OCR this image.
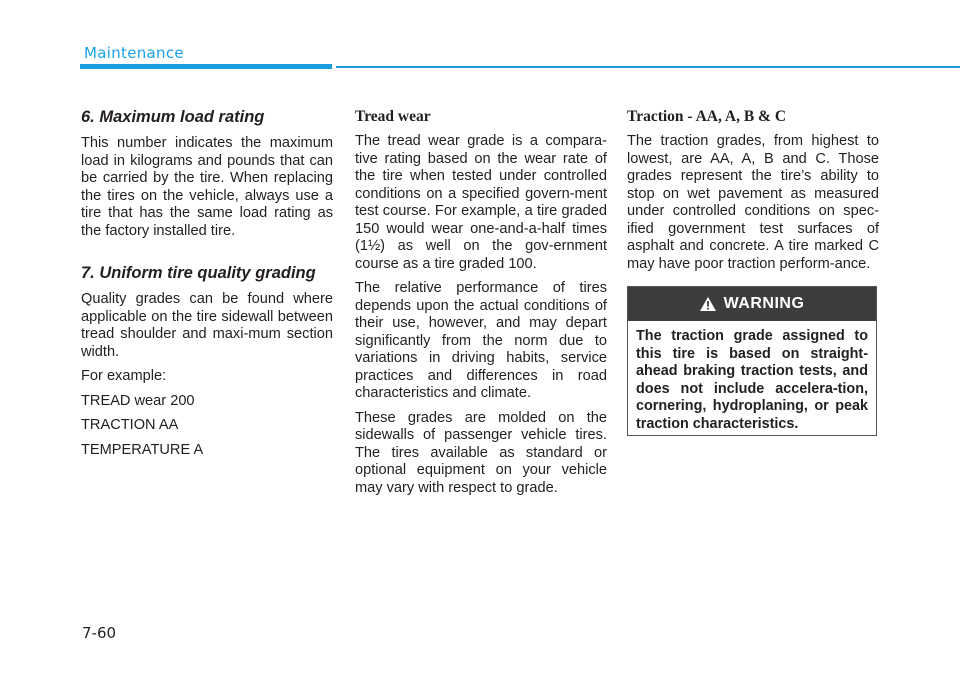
Maintenance
6. Maximum load rating
This number indicates the maximum load in kilograms and pounds that can be carried by the tire. When replacing the tires on the vehicle, always use a tire that has the same load rating as the factory installed tire.
7. Uniform tire quality grading
Quality grades can be found where applicable on the tire sidewall between tread shoulder and maxi-mum section width.
For example:
TREAD wear 200
TRACTION AA
TEMPERATURE A
Tread wear
The tread wear grade is a compara-tive rating based on the wear rate of the tire when tested under controlled conditions on a specified govern-ment test course. For example, a tire graded 150 would wear one-and-a-half times (1½) as well on the gov-ernment course as a tire graded 100.
The relative performance of tires depends upon the actual conditions of their use, however, and may depart significantly from the norm due to variations in driving habits, service practices and differences in road characteristics and climate.
These grades are molded on the sidewalls of passenger vehicle tires. The tires available as standard or optional equipment on your vehicle may vary with respect to grade.
Traction - AA, A, B & C
The traction grades, from highest to lowest, are AA, A, B and C. Those grades represent the tire’s ability to stop on wet pavement as measured under controlled conditions on spec-ified government test surfaces of asphalt and concrete. A tire marked C may have poor traction perform-ance.
WARNING
The traction grade assigned to this tire is based on straight-ahead braking traction tests, and does not include accelera-tion, cornering, hydroplaning, or peak traction characteristics.
7-60
